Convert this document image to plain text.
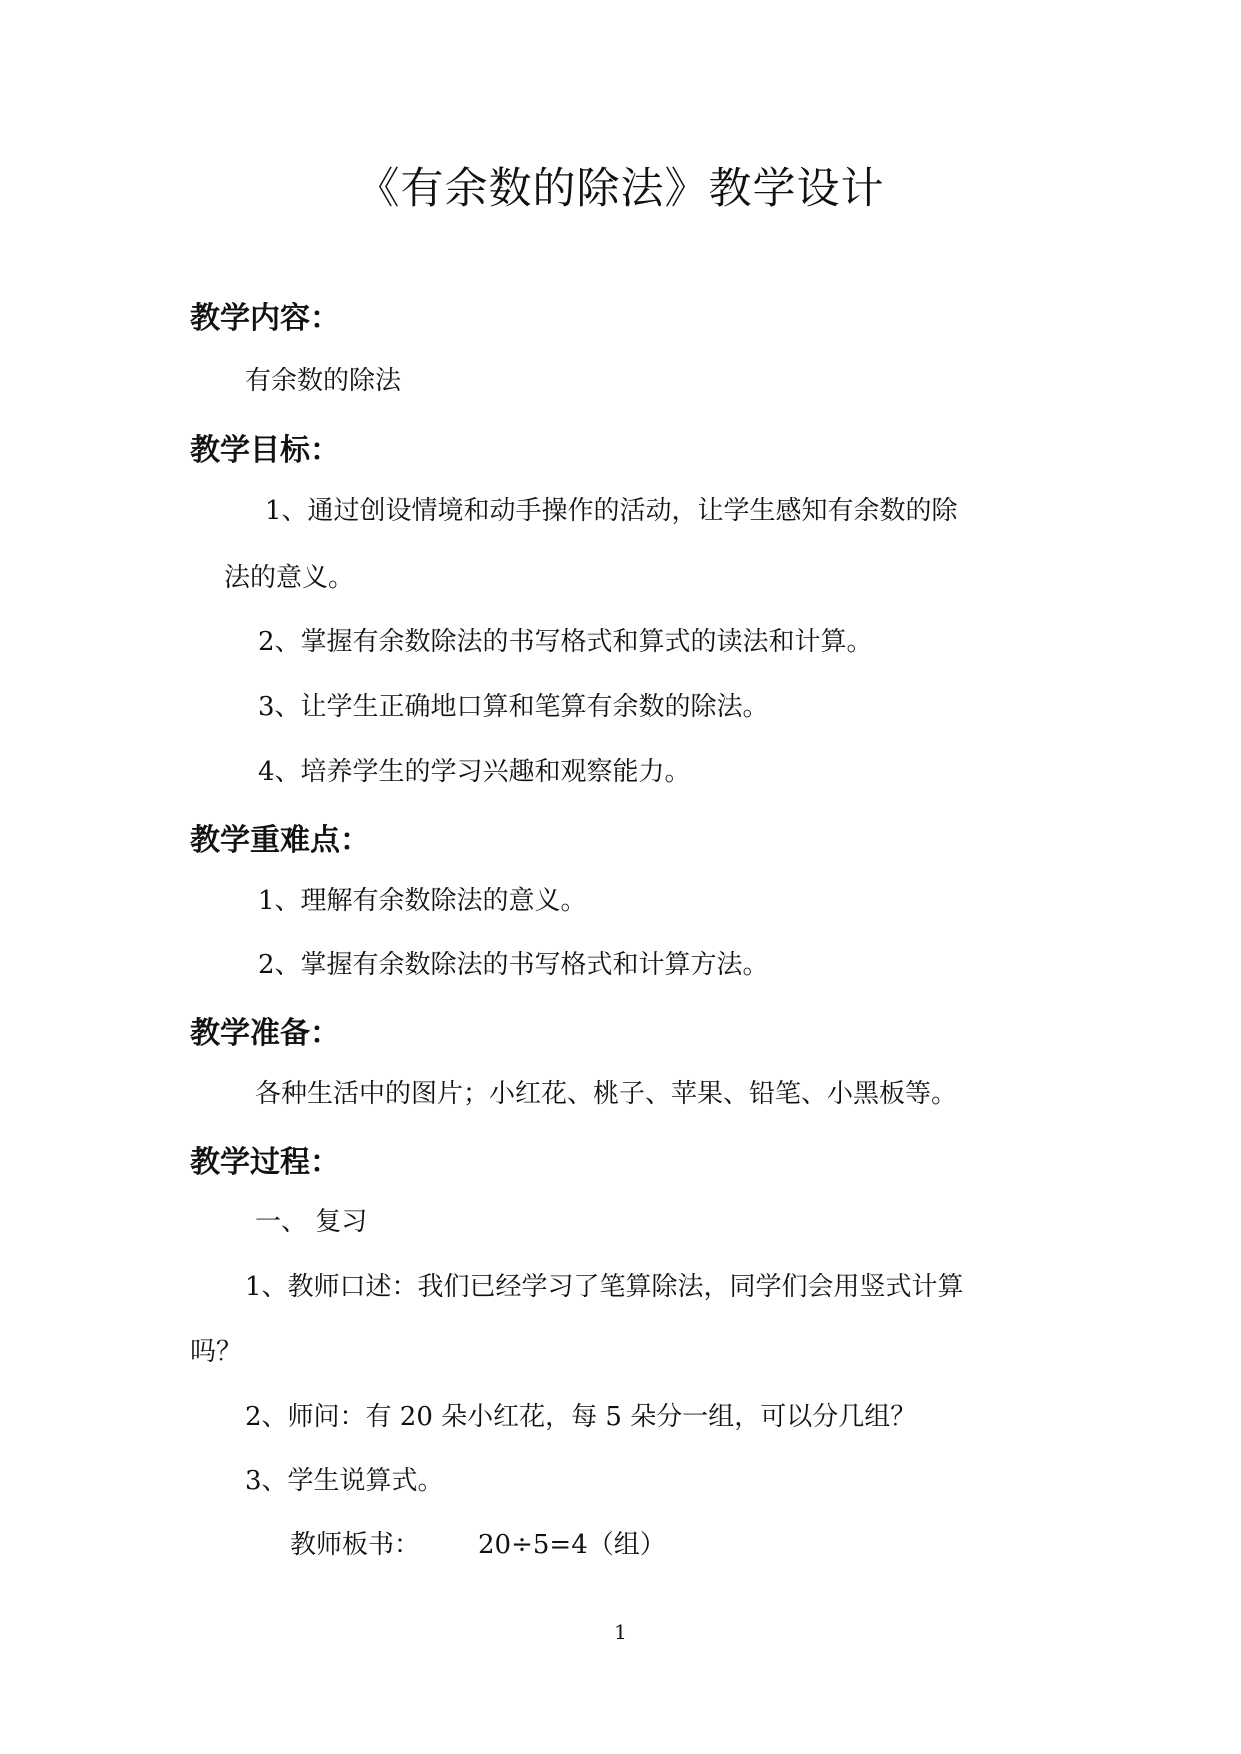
《有余数的除法》教学设计
教学内容：

有余数的除法

教学目标：

1、通过创设情境和动手操作的活动，让学生感知有余数的除

法的意义。

2、掌握有余数除法的书写格式和算式的读法和计算。

3、让学生正确地口算和笔算有余数的除法。

4、培养学生的学习兴趣和观察能力。

教学重难点：

1、理解有余数除法的意义。

2、掌握有余数除法的书写格式和计算方法。

教学准备：

各种生活中的图片；小红花、桃子、苹果、铅笔、小黑板等。

教学过程：

一、 复习

1、教师口述：我们已经学习了笔算除法，同学们会用竖式计算

吗？

2、师问：有 20 朵小红花，每 5 朵分一组，可以分几组？

3、学生说算式。

教师板书： 20÷5=4（组）
1
